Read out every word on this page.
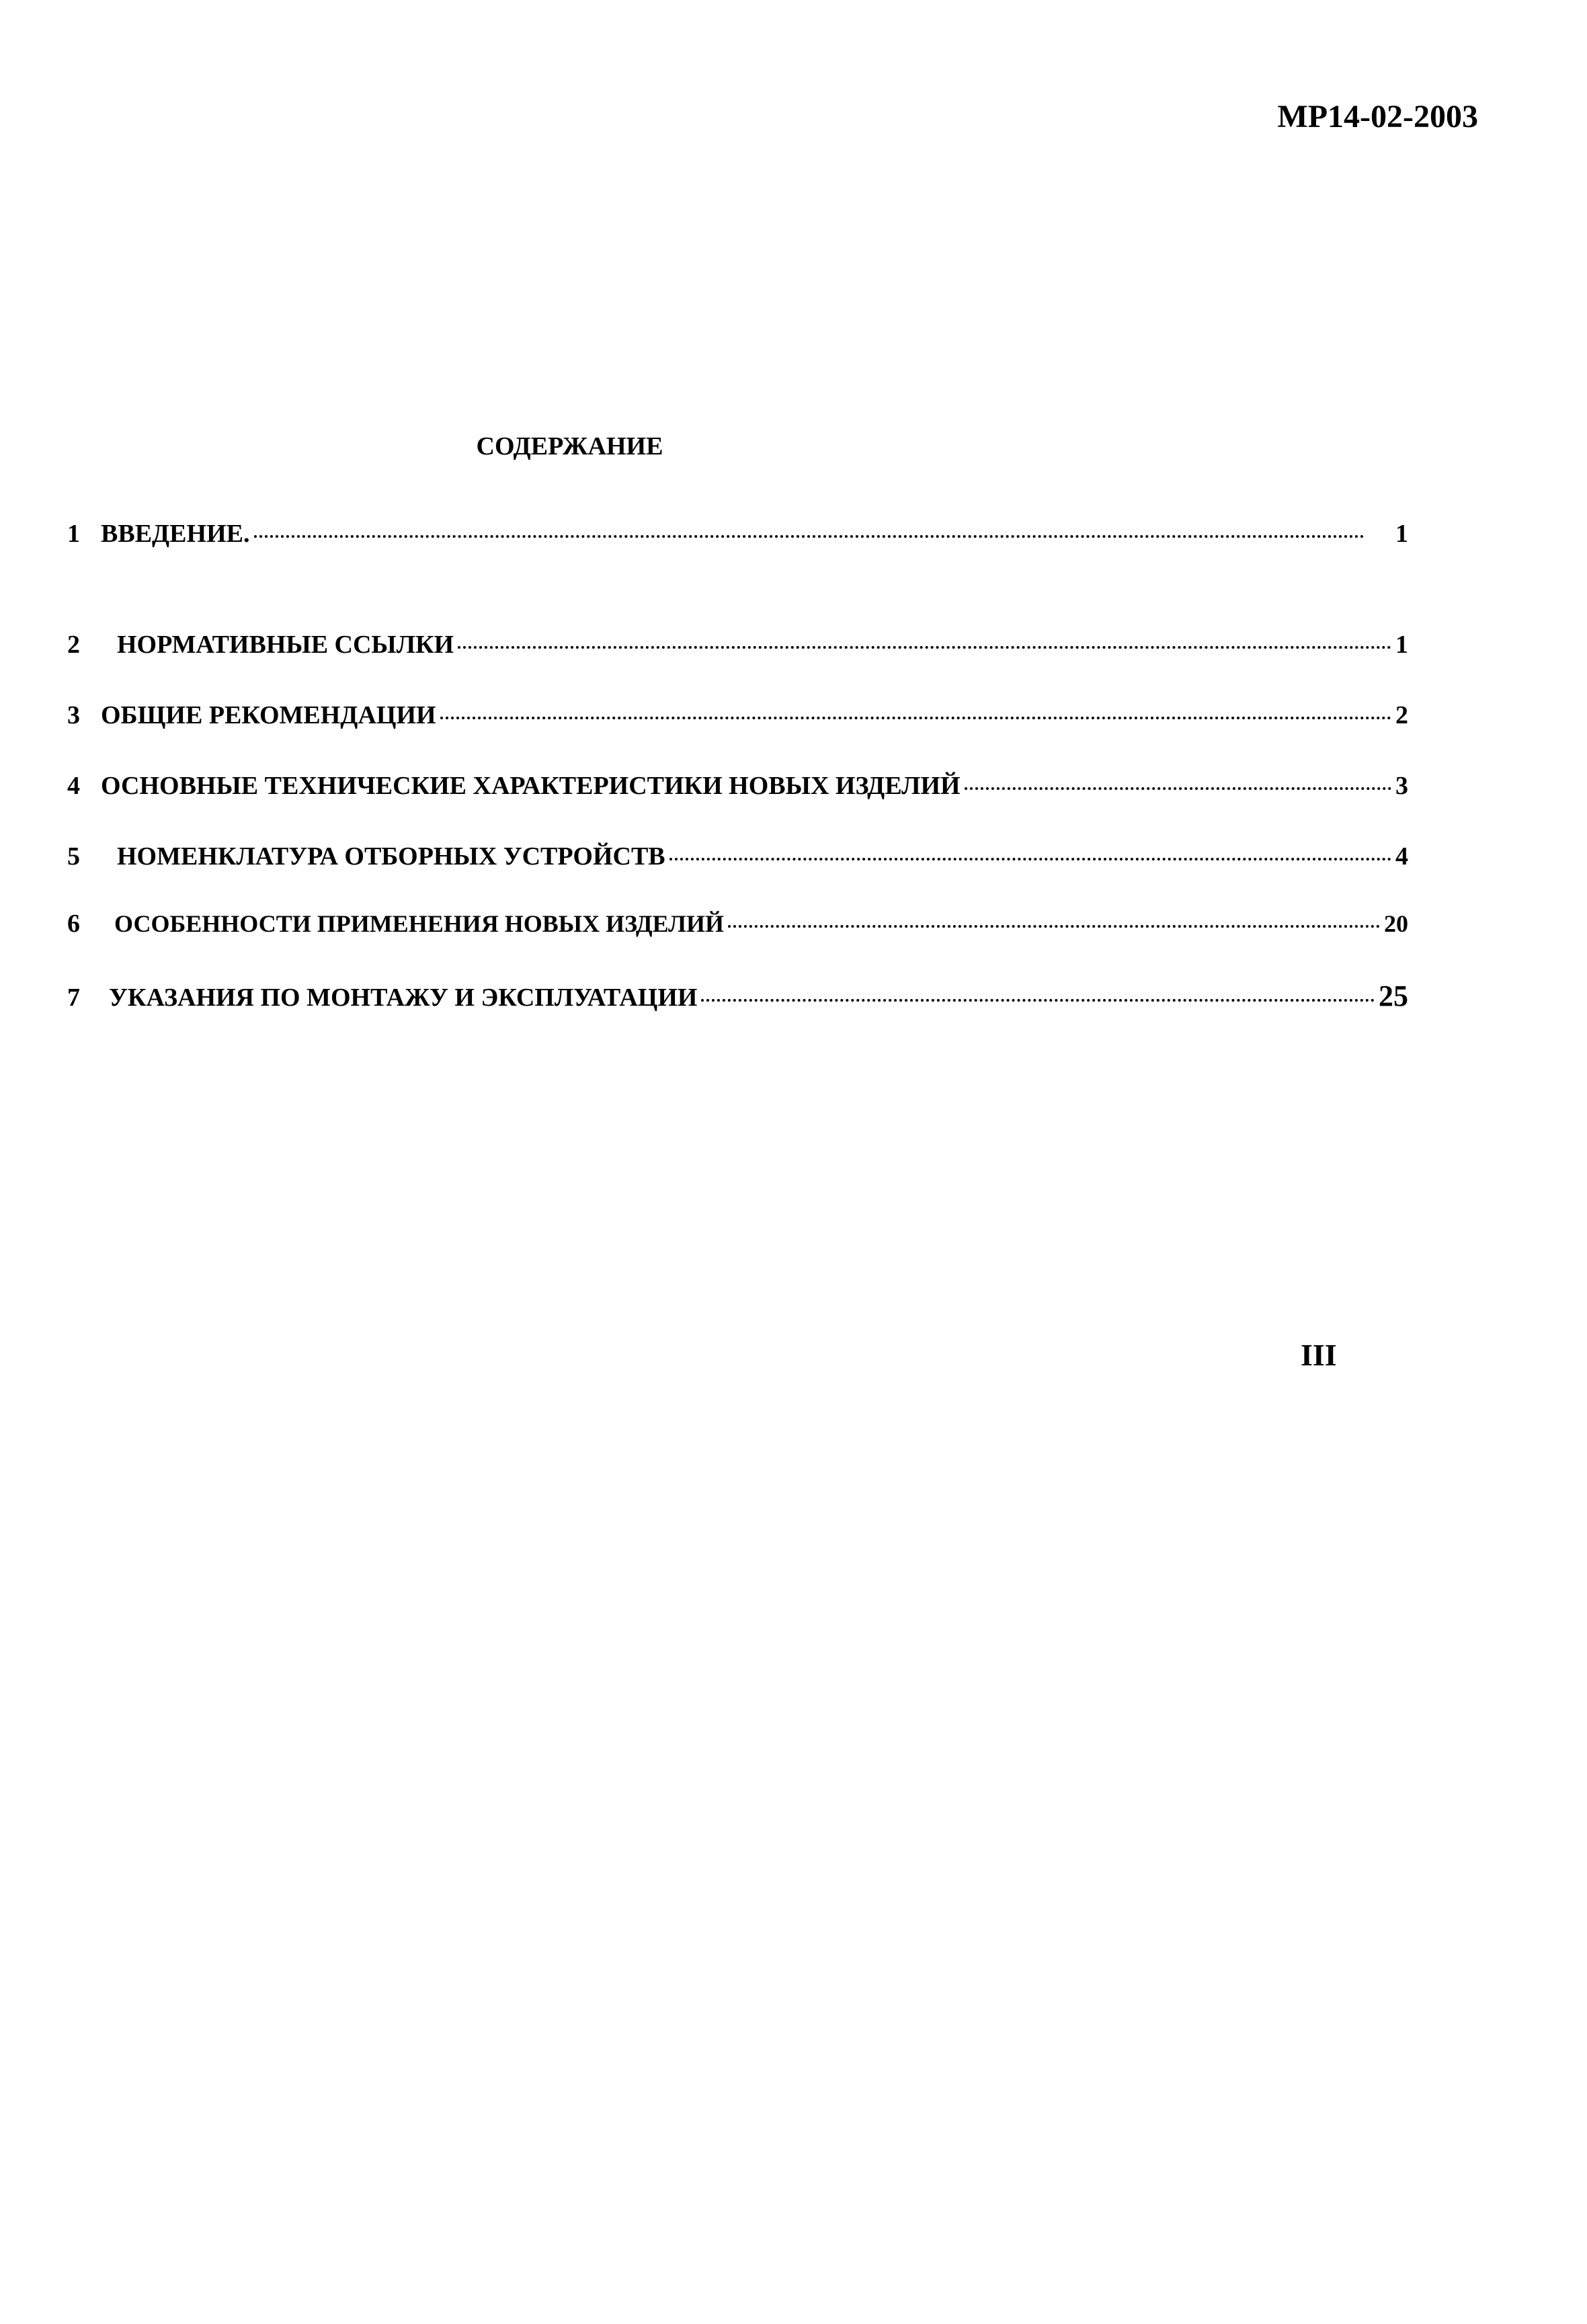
МР14-02-2003

СОДЕРЖАНИЕ
1 ВВЕДЕНИЕ.	1
2	НОРМАТИВНЫЕ ССЫЛКИ	1
3 ОБЩИЕ РЕКОМЕНДАЦИИ	2
4 ОСНОВНЫЕ ТЕХНИЧЕСКИЕ ХАРАКТЕРИСТИКИ НОВЫХ ИЗДЕЛИЙ	3
5	НОМЕНКЛАТУРА ОТБОРНЫХ УСТРОЙСТВ	4
6	ОСОБЕННОСТИ ПРИМЕНЕНИЯ НОВЫХ ИЗДЕЛИЙ	20
7	УКАЗАНИЯ ПО МОНТАЖУ И ЭКСПЛУАТАЦИИ	25

III
